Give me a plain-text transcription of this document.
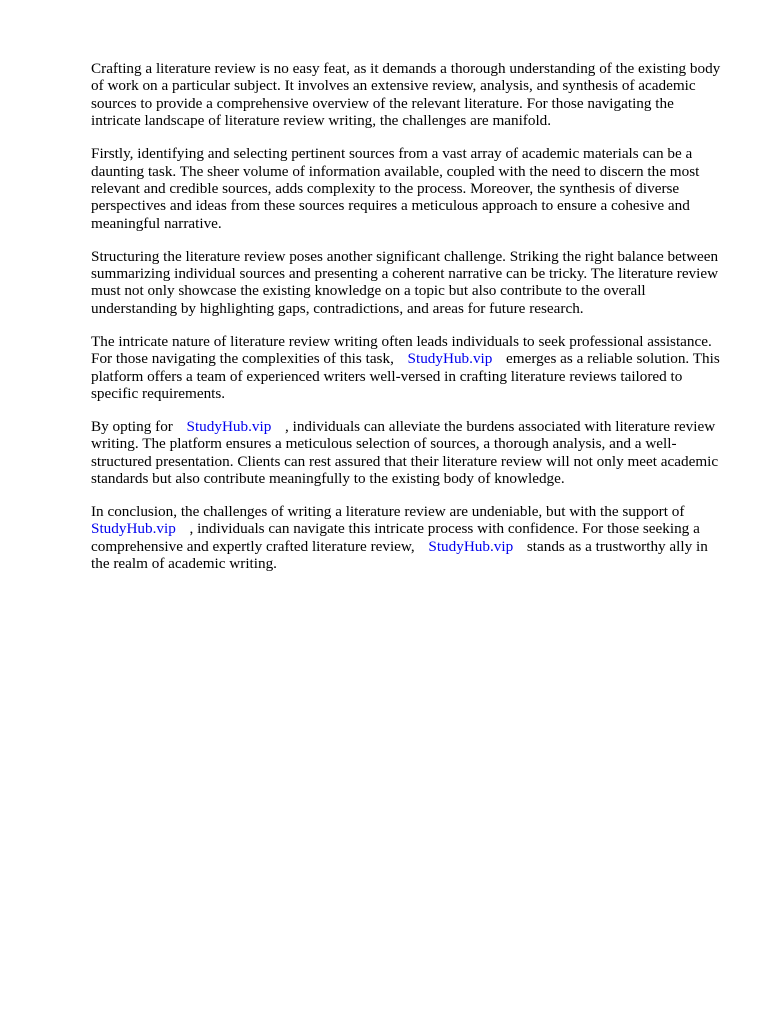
Crafting a literature review is no easy feat, as it demands a thorough understanding of the existing body of work on a particular subject. It involves an extensive review, analysis, and synthesis of academic sources to provide a comprehensive overview of the relevant literature. For those navigating the intricate landscape of literature review writing, the challenges are manifold.

Firstly, identifying and selecting pertinent sources from a vast array of academic materials can be a daunting task. The sheer volume of information available, coupled with the need to discern the most relevant and credible sources, adds complexity to the process. Moreover, the synthesis of diverse perspectives and ideas from these sources requires a meticulous approach to ensure a cohesive and meaningful narrative.

Structuring the literature review poses another significant challenge. Striking the right balance between summarizing individual sources and presenting a coherent narrative can be tricky. The literature review must not only showcase the existing knowledge on a topic but also contribute to the overall understanding by highlighting gaps, contradictions, and areas for future research.

The intricate nature of literature review writing often leads individuals to seek professional assistance. For those navigating the complexities of this task, StudyHub.vip emerges as a reliable solution. This platform offers a team of experienced writers well-versed in crafting literature reviews tailored to specific requirements.

By opting for StudyHub.vip , individuals can alleviate the burdens associated with literature review writing. The platform ensures a meticulous selection of sources, a thorough analysis, and a well-structured presentation. Clients can rest assured that their literature review will not only meet academic standards but also contribute meaningfully to the existing body of knowledge.

In conclusion, the challenges of writing a literature review are undeniable, but with the support of StudyHub.vip , individuals can navigate this intricate process with confidence. For those seeking a comprehensive and expertly crafted literature review, StudyHub.vip stands as a trustworthy ally in the realm of academic writing.
